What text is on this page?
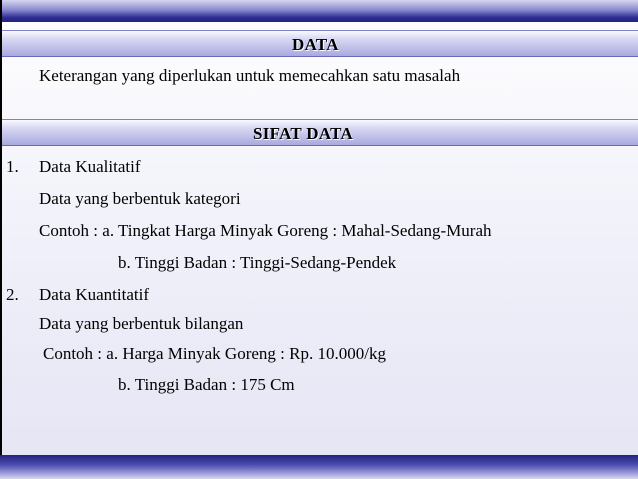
DATA
Keterangan yang diperlukan untuk memecahkan satu masalah
SIFAT DATA
1. Data Kualitatif
Data yang berbentuk kategori
Contoh : a. Tingkat Harga Minyak Goreng : Mahal-Sedang-Murah
b. Tinggi Badan : Tinggi-Sedang-Pendek
2. Data Kuantitatif
Data yang berbentuk bilangan
Contoh : a. Harga Minyak Goreng : Rp. 10.000/kg
b. Tinggi Badan : 175 Cm
